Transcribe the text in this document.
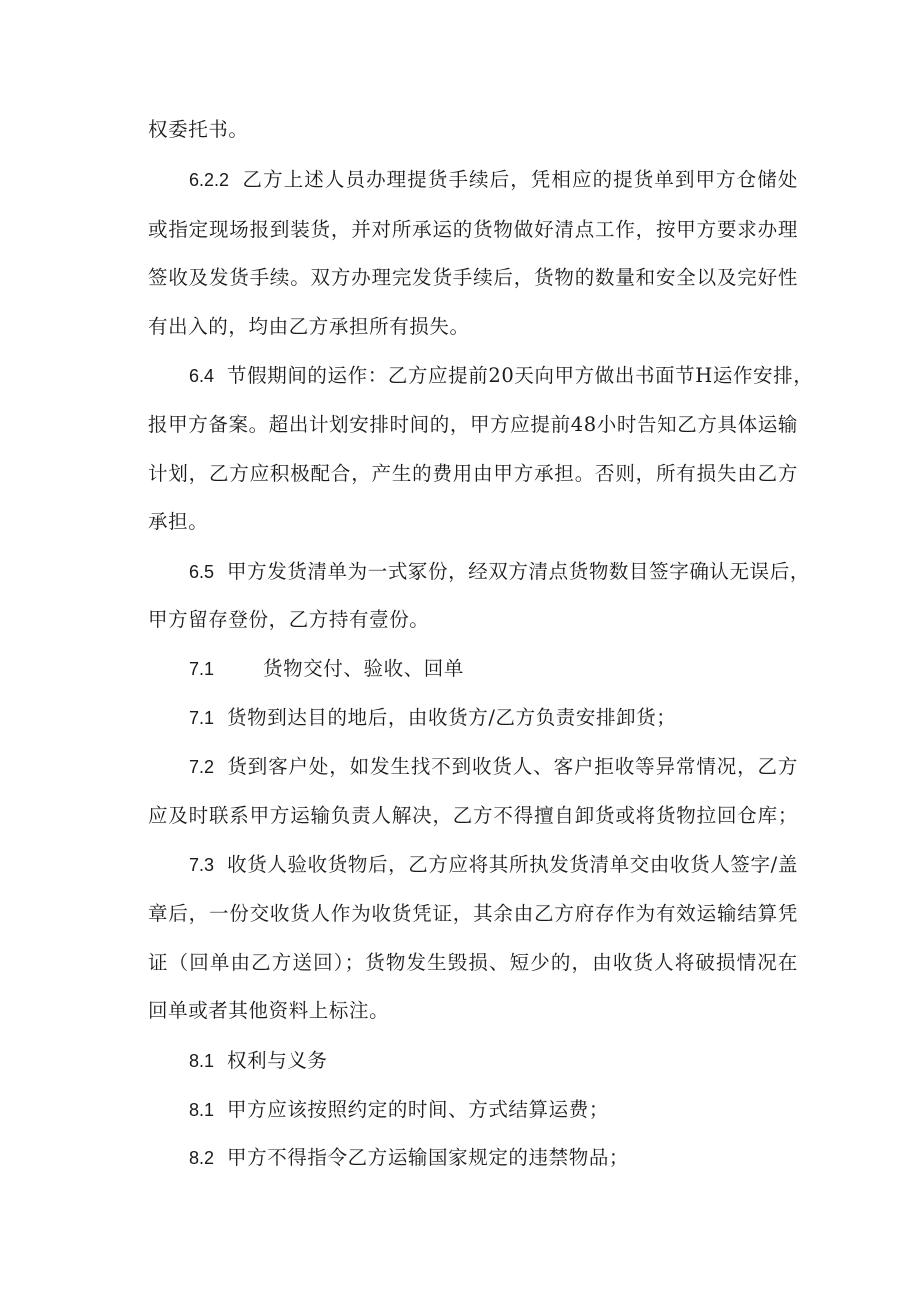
权委托书。
6.2.2 乙方上述人员办理提货手续后，凭相应的提货单到甲方仓储处
或指定现场报到装货，并对所承运的货物做好清点工作，按甲方要求办理
签收及发货手续。双方办理完发货手续后，货物的数量和安全以及完好性
有出入的，均由乙方承担所有损失。
6.4 节假期间的运作：乙方应提前20天向甲方做出书面节H运作安排，
报甲方备案。超出计划安排时间的，甲方应提前48小时告知乙方具体运输
计划，乙方应积极配合，产生的费用由甲方承担。否则，所有损失由乙方
承担。
6.5 甲方发货清单为一式冢份，经双方清点货物数目签字确认无误后，
甲方留存登份，乙方持有壹份。
7.1	货物交付、验收、回单
7.1 货物到达目的地后，由收货方/乙方负责安排卸货；
7.2 货到客户处，如发生找不到收货人、客户拒收等异常情况，乙方
应及时联系甲方运输负责人解决，乙方不得擅自卸货或将货物拉回仓库；
7.3 收货人验收货物后，乙方应将其所执发货清单交由收货人签字/盖
章后，一份交收货人作为收货凭证，其余由乙方府存作为有效运输结算凭
证（回单由乙方送回）；货物发生毁损、短少的，由收货人将破损情况在
回单或者其他资料上标注。
8.1 权利与义务
8.1 甲方应该按照约定的时间、方式结算运费；
8.2 甲方不得指令乙方运输国家规定的违禁物品；
